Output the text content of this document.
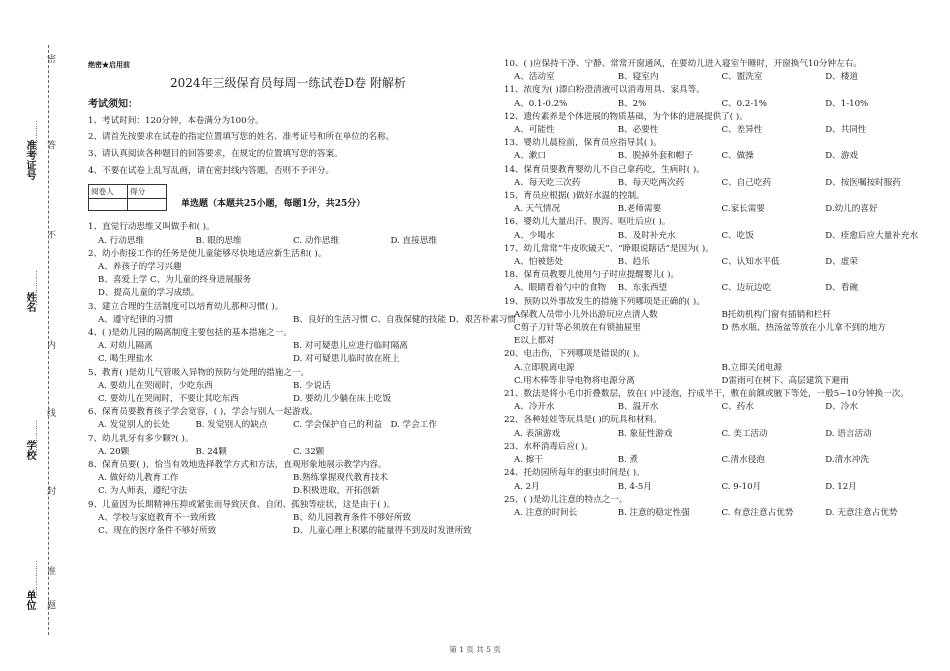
密
不
内
线
封
准
答
题
准考证号
……………
姓名 ……………
学校 ……………
单位
……………
绝密★启用前
2024年三级保育员每周一练试卷D卷 附解析
考试须知：
1、考试时间：120分钟，本卷满分为100分。
2、请首先按要求在试卷的指定位置填写您的姓名、准考证号和所在单位的名称。
3、请认真阅读各种题目的回答要求，在规定的位置填写您的答案。
4、不要在试卷上乱写乱画，请在密封线内答题，否则不予评分。
阅卷人	得分

单选题（本题共25小题，每题1分，共25分）
1、直觉行动思维又叫做手和( )。
A. 行动思维	B. 眼的思维	C. 动作思维	D. 直接思维
2、幼小衔接工作的任务是使儿童能够尽快地适应新生活和( )。
A、养孩子的学习兴趣
B、喜爱上学 C、为儿童的终身进展服务
D、提高儿童的学习成绩。
3、建立合理的生活制度可以培育幼儿那种习惯( )。
A、遵守纪律的习惯	B、良好的生活习惯 C、自我保健的技能 D、艰苦朴素习惯
4、( )是幼儿园的隔离制度主要包括的基本措施之一。
A. 对幼儿隔离	B. 对可疑患儿应进行临时隔离
C. 喝生理盐水	D. 对可疑患儿临时放在班上
5、教育( )是幼儿气管吸入异物的预防与处理的措施之一。
A. 要幼儿在哭闹时，少吃东西	B. 少说话
C. 要幼儿在哭闹时，不要让其吃东西	D. 要幼儿少躺在床上吃饭
6、保育员要教育孩子学会宽容，( )，学会与别人一起游戏。
A. 发觉别人的长处	B. 发觉别人的缺点	C. 学会保护自己的利益 D. 学会工作
7、幼儿乳牙有多少颗?( )。
A. 20颗	B. 24颗	C. 32颗
8、保育员要( )，恰当有效地选择教学方式和方法，直观形象地展示教学内容。
A. 做好幼儿教育工作	B.熟练掌握现代教育技术
C. 为人师表，遵纪守法	D.积极进取，开拓创新
9、儿童因为长期精神压抑或紧张而导致厌食、自闭、孤独等症状，这是由于( )。
A、学校与家庭教育不一致所致	B、幼儿园教育条件不够好所致
C、现在的医疗条件不够好所致	D、儿童心理上积累的能量得不到及时发泄所致
10、( )应保持干净、宁静、常常开窗通风，在要幼儿进入寝室午睡时，开窗换气10分钟左右。
A、活动室	B、寝室内	C、盥洗室	D、楼道
11、浓度为( )漂白粉澄清液可以消毒用具、家具等。
A、0.1-0.2%	B、2%	C、0.2-1%	D、1-10%
12、遗传素养是个体进展的物质基础，为个体的进展提供了( )。
A、可能性	B、必要性	C、差异性	D、共同性
13、婴幼儿晨检前，保育员应指导其( )。
A、漱口	B、脱掉外套和帽子	C、做操	D、游戏
14、保育员要教育婴幼儿不自己拿药吃，生病时( )。
A、每天吃三次药	B、每天吃两次药	C、自己吃药	D、按医嘱按时服药
15、育员应根据( )做好水温的控制。
A. 天气情况	B.老师需要	C.家长需要	D.幼儿的喜好
16、婴幼儿大量出汗、腹泻、呕吐后应( )。
A、少喝水	B、及时补充水	C、吃饭	D、痊愈后应大量补充水
17、幼儿常常“牛皮吹破天”、“睁眼说瞎话”是因为( )。
A、怕被惩处	B、趋乐	C、认知水平低	D、虚荣
18、保育员教婴儿使用勺子时应提醒婴儿( )。
A、眼睛看着勺中的食物	B、东张西望	C、边玩边吃	D、看碗
19、预防以外事故发生的措施下列哪项是正确的( )。
A保教人员带小儿外出游玩应点清人数	B托幼机构门窗有插销和栏杆
C剪子刀针等必须放在有锁抽屉里	D 热水瓶、热汤盆等放在小儿拿不到的地方
E以上都对
20、电击伤，下列哪项是错误的( )。
A.立即脱离电源	B.立即关闭电源
C.用木棒等非导电物将电源分离	D雷雨可在树下、高层建筑下避雨
21、数法是将小毛巾折叠数层，放在( )中浸泡，拧成半干，敷在前额或腋下等处，一般5~10分钟换一次。
A、冷开水	B、温开水	C、药水	D、冷水
22、各种娃娃等玩具是( )的玩具和材料。
A. 表演游戏	B. 象征性游戏	C. 美工活动	D. 语言活动
23、水杯消毒后应( )。
A. 擦干	B. 煮	C.清水侵泡	D.清水冲洗
24、托幼园所每年的驱虫时间是( )。
A. 2月	B. 4-5月	C. 9-10月	D. 12月
25、( )是幼儿注意的特点之一。
A. 注意的时间长	B. 注意的稳定性强	C. 有意注意占优势	D. 无意注意占优势
第 1 页 共 5 页
